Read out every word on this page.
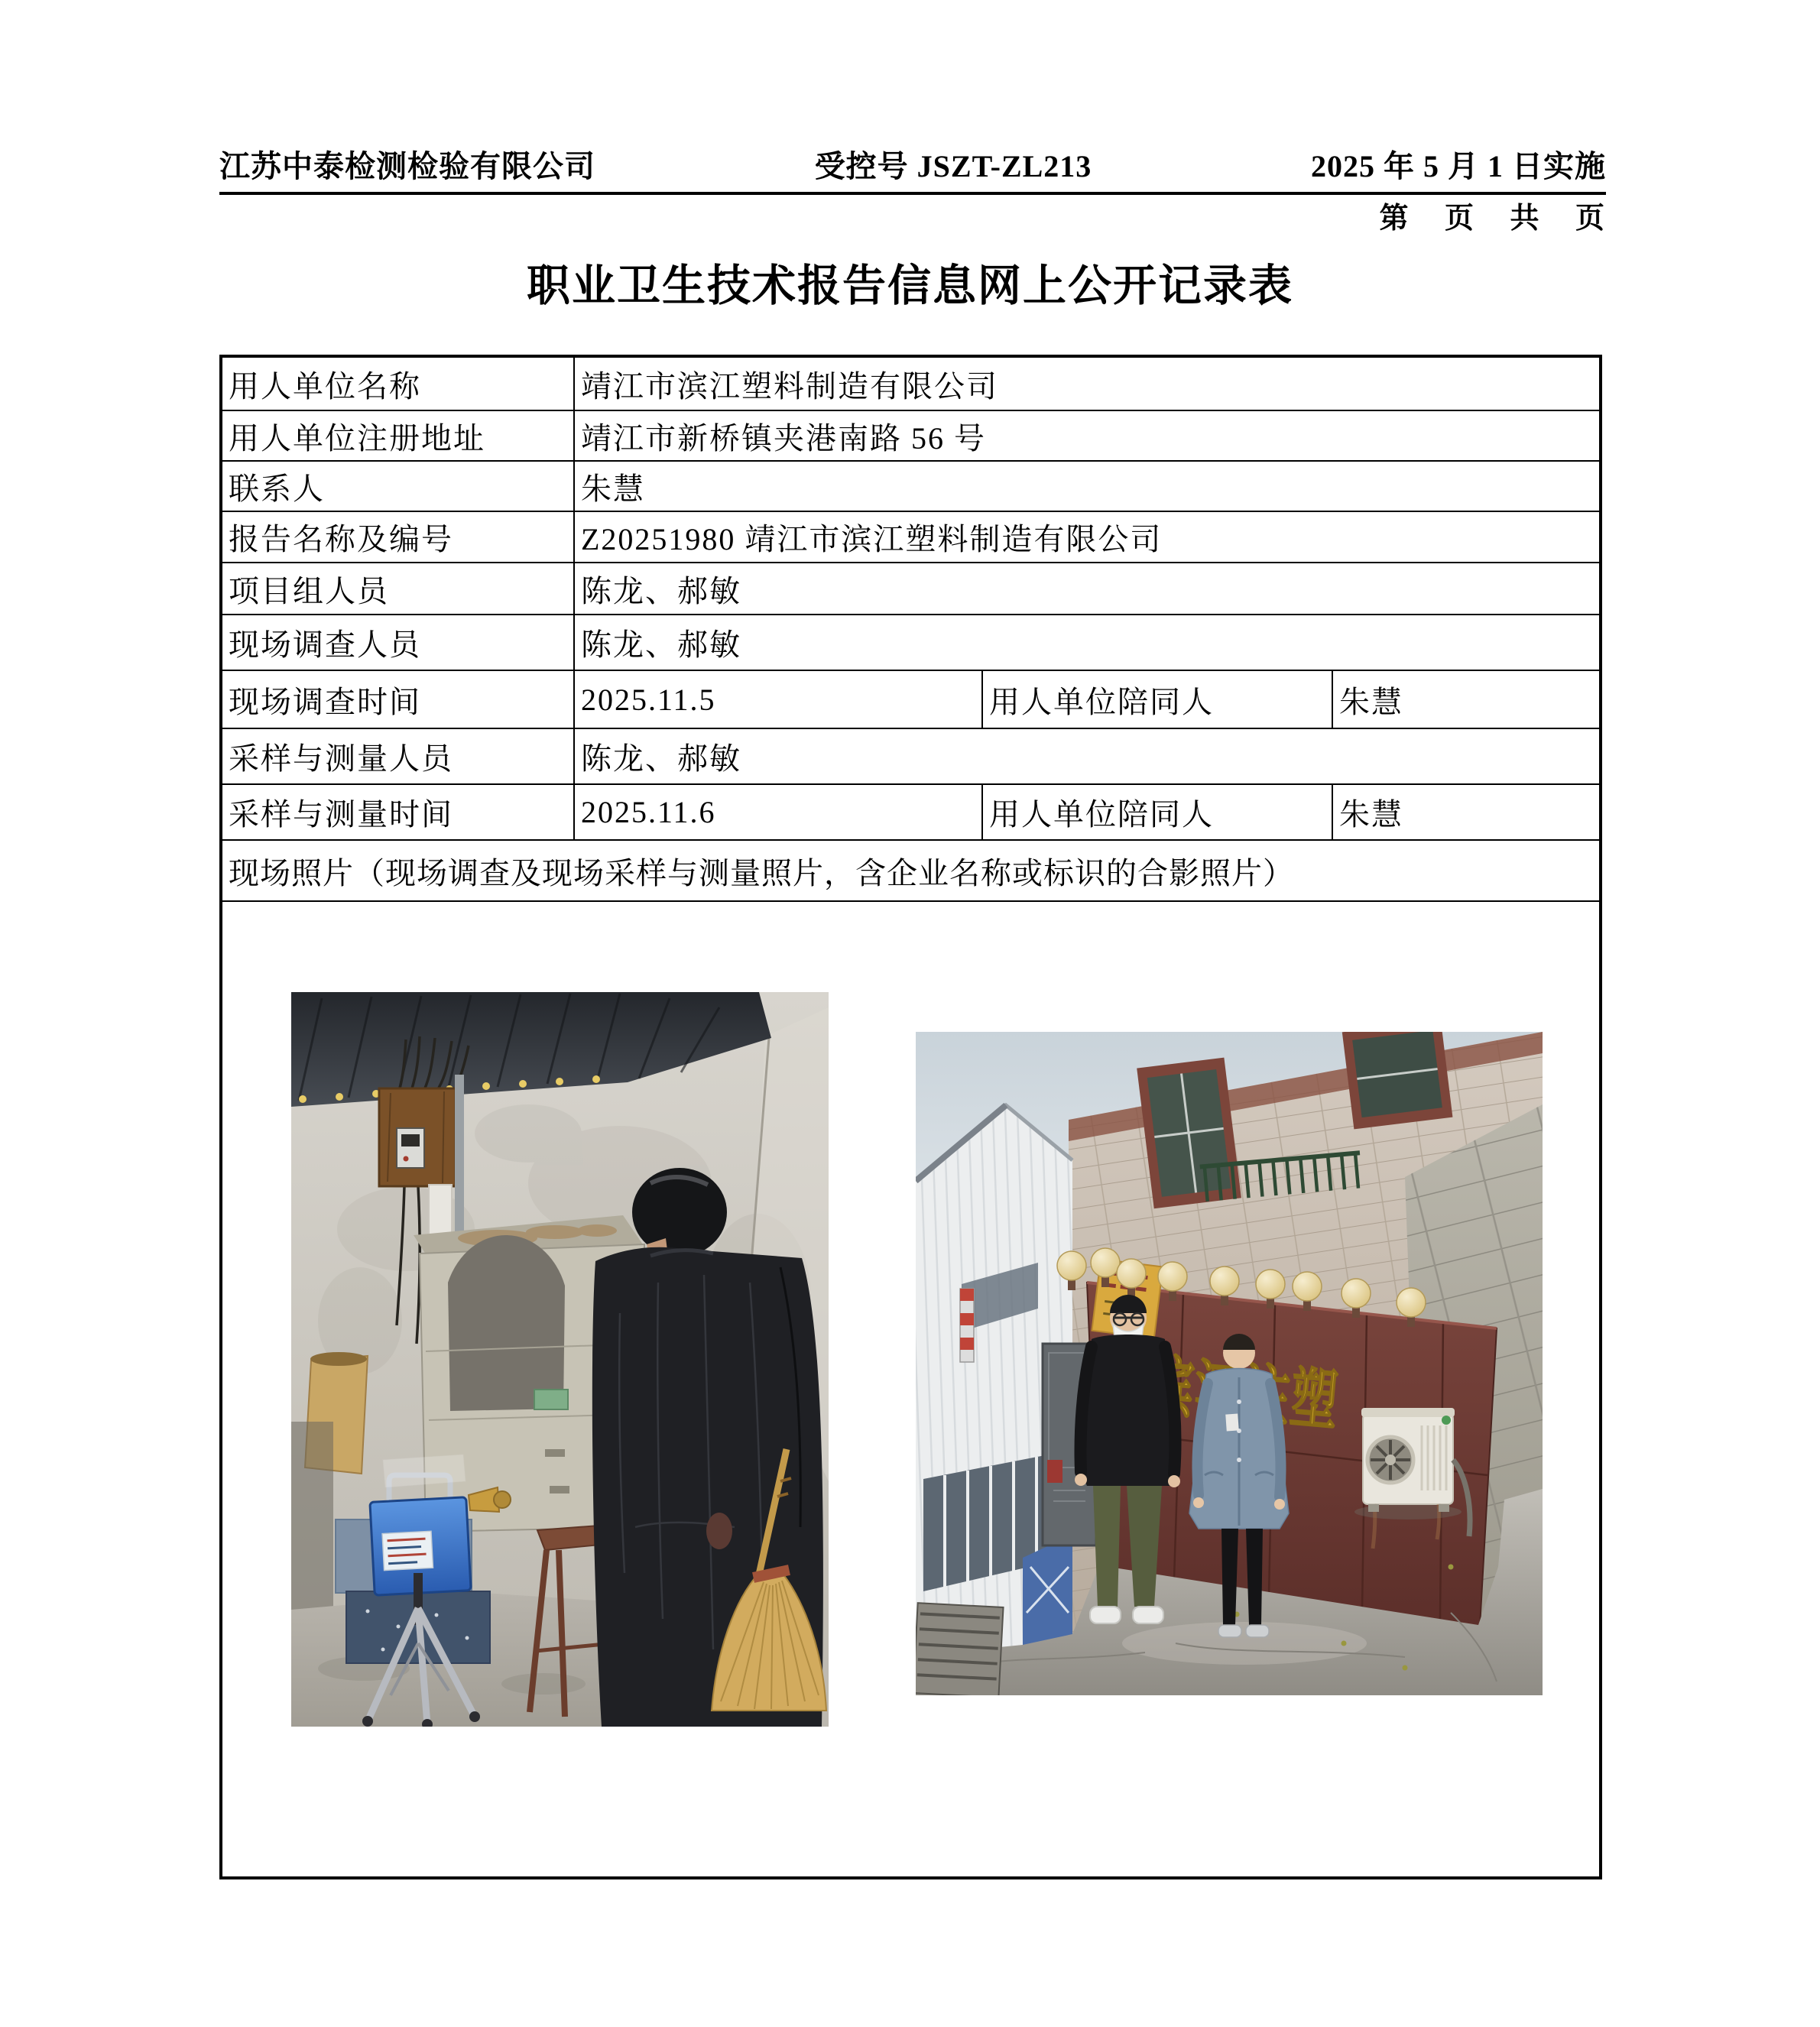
江苏中泰检测检验有限公司	受控号 JSZT-ZL213	2025 年 5 月 1 日实施
第 页 共 页
职业卫生技术报告信息网上公开记录表
用人单位名称	靖江市滨江塑料制造有限公司		
用人单位注册地址	靖江市新桥镇夹港南路 56 号		
联系人	朱慧		
报告名称及编号	Z20251980 靖江市滨江塑料制造有限公司		
项目组人员	陈龙、郝敏		
现场调查人员	陈龙、郝敏		
现场调查时间	2025.11.5	用人单位陪同人	朱慧
采样与测量人员	陈龙、郝敏		
采样与测量时间	2025.11.6	用人单位陪同人	朱慧
现场照片（现场调查及现场采样与测量照片，含企业名称或标识的合影照片）			

滨江注塑			
